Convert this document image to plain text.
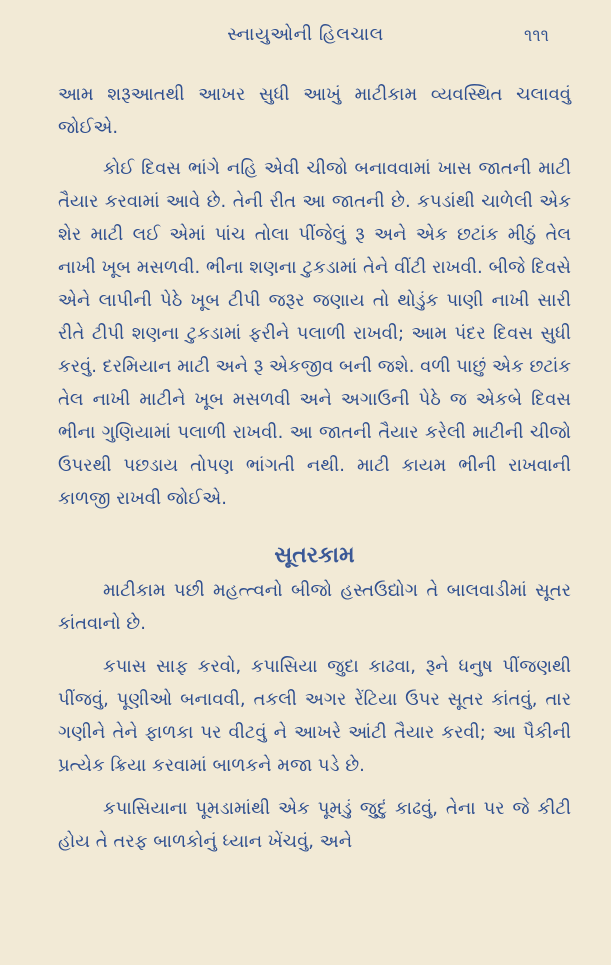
સ્નાયુઓની હિલચાલ	૧૧૧

આમ શરૂઆતથી આખર સુધી આખું માટીકામ વ્યવસ્થિત ચલાવવું જોઈએ.

કોઈ દિવસ ભાંગે નહિ એવી ચીજો બનાવવામાં ખાસ જાતની માટી તૈયાર કરવામાં આવે છે. તેની રીત આ જાતની છે. કપડાંથી ચાળેલી એક શેર માટી લઈ એમાં પાંચ તોલા પીંજેલું રૂ અને એક છટાંક મીઠું તેલ નાખી ખૂબ મસળવી. ભીના શણના ટુકડામાં તેને વીંટી રાખવી. બીજે દિવસે એને લાપીની પેઠે ખૂબ ટીપી જરૂર જણાય તો થોડુંક પાણી નાખી સારી રીતે ટીપી શણના ટુકડામાં ફરીને પલાળી રાખવી; આમ પંદર દિવસ સુધી કરવું. દરમિયાન માટી અને રૂ એકજીવ બની જશે. વળી પાછું એક છટાંક તેલ નાખી માટીને ખૂબ મસળવી અને અગાઉની પેઠે જ એકબે દિવસ ભીના ગુણિયામાં પલાળી રાખવી. આ જાતની તૈયાર કરેલી માટીની ચીજો ઉપરથી પછડાય તોપણ ભાંગતી નથી. માટી કાયમ ભીની રાખવાની કાળજી રાખવી જોઈએ.

સૂતરકામ

માટીકામ પછી મહત્ત્વનો બીજો હસ્તઉદ્યોગ તે બાલવાડીમાં સૂતર કાંતવાનો છે.

કપાસ સાફ કરવો, કપાસિયા જુદા કાઢવા, રૂને ધનુષ પીંજણથી પીંજવું, પૂણીઓ બનાવવી, તકલી અગર રેંટિયા ઉપર સૂતર કાંતવું, તાર ગણીને તેને ફાળકા પર વીટવું ને આખરે આંટી તૈયાર કરવી; આ પૈકીની પ્રત્યેક ક્રિયા કરવામાં બાળકને મજા પડે છે.

કપાસિયાના પૂમડામાંથી એક પૂમડું જુદું કાઢવું, તેના પર જે કીટી હોય તે તરફ બાળકોનું ધ્યાન ખેંચવું, અને
